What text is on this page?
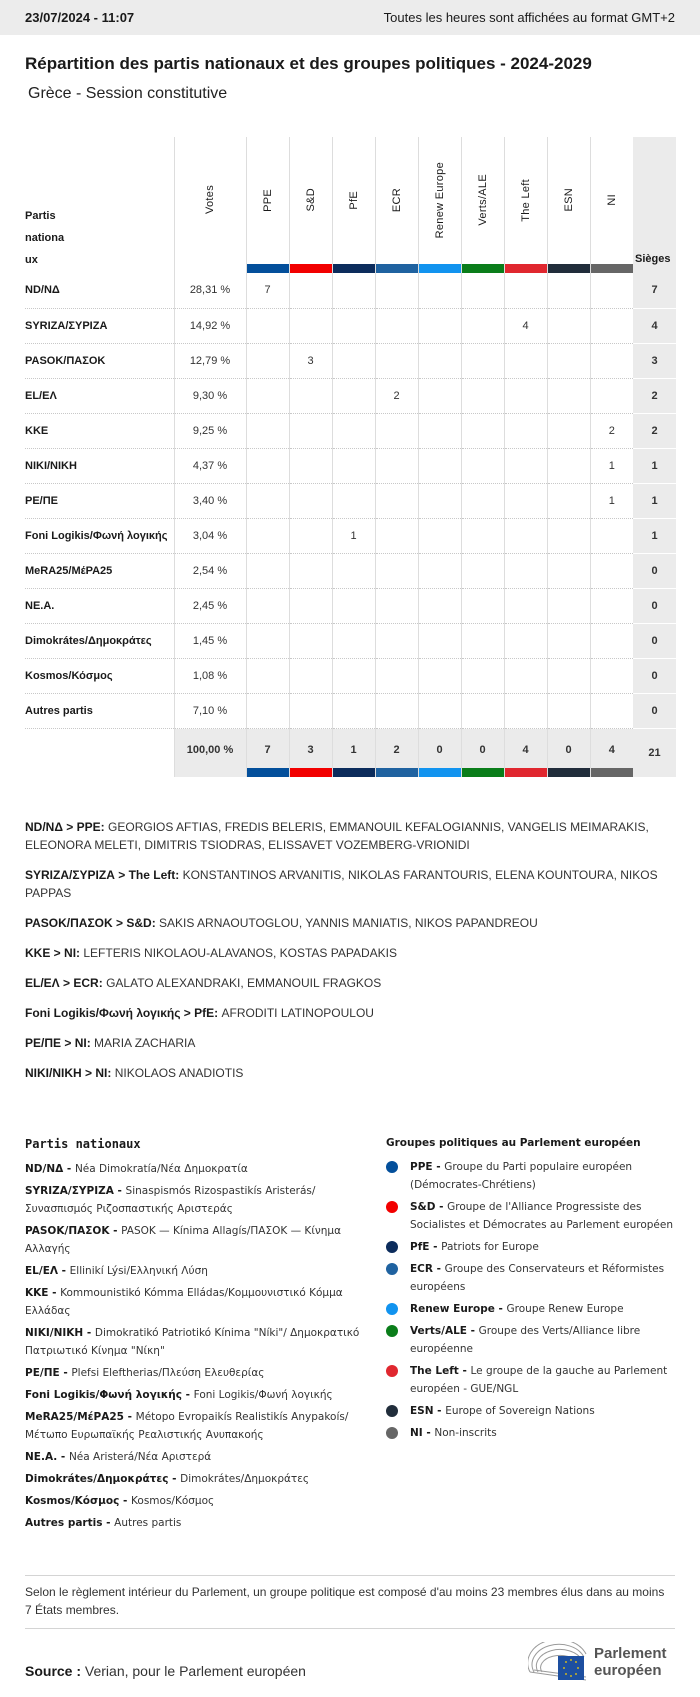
23/07/2024 - 11:07	Toutes les heures sont affichées au format GMT+2
Répartition des partis nationaux et des groupes politiques - 2024-2029
Grèce - Session constitutive
Partis nationaux	Votes	PPE	S&D	PfE	ECR	Renew Europe	Verts/ALE	The Left	ESN	NI	Sièges
ND/ΝΔ	28,31 %	7									7
SYRIZA/ΣΥΡΙΖΑ	14,92 %							4			4
PASOK/ΠΑΣΟΚ	12,79 %		3								3
EL/ΕΛ	9,30 %				2						2
KKE	9,25 %									2	2
NIKI/ΝΙΚΗ	4,37 %									1	1
PE/ΠΕ	3,40 %									1	1
Foni Logikis/Φωνή λογικής	3,04 %			1							1
MeRA25/ΜέΡΑ25	2,54 %										0
NE.A.	2,45 %										0
Dimokrátes/Δημοκράτες	1,45 %										0
Kosmos/Κόσμος	1,08 %										0
Autres partis	7,10 %										0

	100,00 %	7	3	1	2	0	0	4	0	4	21

ND/ΝΔ > PPE: GEORGIOS AFTIAS, FREDIS BELERIS, EMMANOUIL KEFALOGIANNIS, VANGELIS MEIMARAKIS, ELEONORA MELETI, DIMITRIS TSIODRAS, ELISSAVET VOZEMBERG-VRIONIDI

SYRIZA/ΣΥΡΙΖΑ > The Left: KONSTANTINOS ARVANITIS, NIKOLAS FARANTOURIS, ELENA KOUNTOURA, NIKOS PAPPAS

PASOK/ΠΑΣΟΚ > S&D: SAKIS ARNAOUTOGLOU, YANNIS MANIATIS, NIKOS PAPANDREOU

KKE > NI: LEFTERIS NIKOLAOU-ALAVANOS, KOSTAS PAPADAKIS

EL/ΕΛ > ECR: GALATO ALEXANDRAKI, EMMANOUIL FRAGKOS

Foni Logikis/Φωνή λογικής > PfE: AFRODITI LATINOPOULOU

PE/ΠΕ > NI: MARIA ZACHARIA

NIKI/ΝΙΚΗ > NI: NIKOLAOS ANADIOTIS

Partis nationaux
ND/ΝΔ - Néa Dimokratía/Νέα Δημοκρατία
SYRIZA/ΣΥΡΙΖΑ - Sinaspismós Rizospastikís Aristerás/ Συνασπισμός Ριζοσπαστικής Αριστεράς
PASOK/ΠΑΣΟΚ - PASOK — Kínima Allagís/ΠΑΣΟΚ — Κίνημα Αλλαγής
EL/ΕΛ - Ellinikí Lýsi/Ελληνική Λύση
KKE - Kommounistikó Kómma Elládas/Κομμουνιστικό Κόμμα Ελλάδας
NIKI/ΝΙΚΗ - Dimokratikó Patriotikó Kínima "Níki"/ Δημοκρατικό Πατριωτικό Κίνημα "Νίκη"
PE/ΠΕ - Plefsi Eleftherias/Πλεύση Ελευθερίας
Foni Logikis/Φωνή λογικής - Foni Logikis/Φωνή λογικής
MeRA25/ΜέΡΑ25 - Métopo Evropaikís Realistikís Anypakoís/Μέτωπο Ευρωπαϊκής Ρεαλιστικής Ανυπακοής
NE.A. - Néa Aristerá/Νέα Αριστερά
Dimokrátes/Δημοκράτες - Dimokrátes/Δημοκράτες
Kosmos/Κόσμος - Kosmos/Κόσμος
Autres partis - Autres partis
Groupes politiques au Parlement européen
PPE - Groupe du Parti populaire européen (Démocrates-Chrétiens)
S&D - Groupe de l'Alliance Progressiste des Socialistes et Démocrates au Parlement européen
PfE - Patriots for Europe
ECR - Groupe des Conservateurs et Réformistes européens
Renew Europe - Groupe Renew Europe
Verts/ALE - Groupe des Verts/Alliance libre européenne
The Left - Le groupe de la gauche au Parlement européen - GUE/NGL
ESN - Europe of Sovereign Nations
NI - Non-inscrits
Selon le règlement intérieur du Parlement, un groupe politique est composé d'au moins 23 membres élus dans au moins 7 États membres.
Source : Verian, pour le Parlement européen
Parlement
européen
